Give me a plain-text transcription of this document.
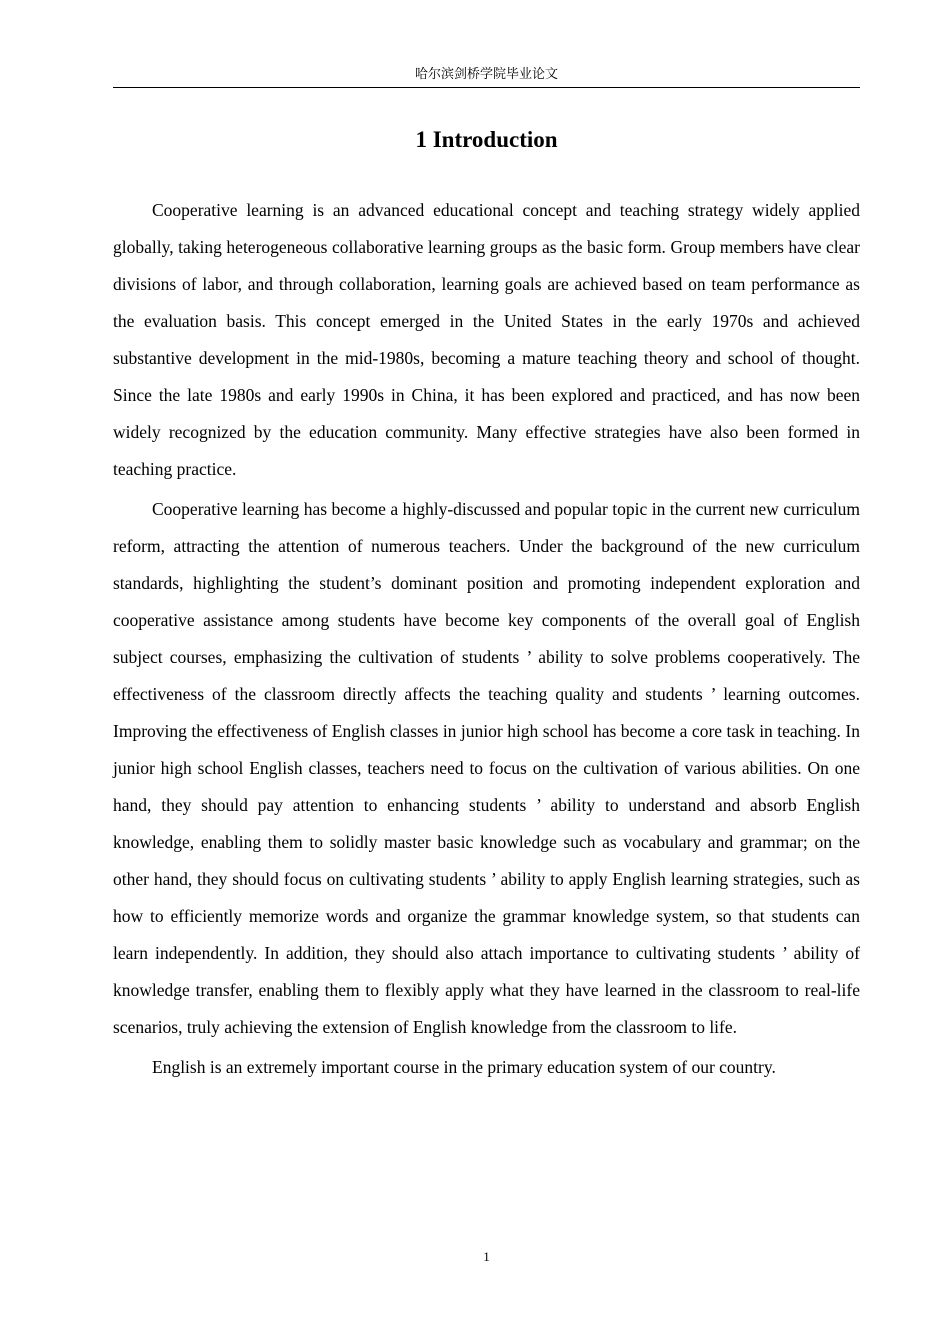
哈尔滨剑桥学院毕业论文
1 Introduction

Cooperative learning is an advanced educational concept and teaching strategy widely applied globally, taking heterogeneous collaborative learning groups as the basic form. Group members have clear divisions of labor, and through collaboration, learning goals are achieved based on team performance as the evaluation basis. This concept emerged in the United States in the early 1970s and achieved substantive development in the mid-1980s, becoming a mature teaching theory and school of thought. Since the late 1980s and early 1990s in China, it has been explored and practiced, and has now been widely recognized by the education community. Many effective strategies have also been formed in teaching practice.

Cooperative learning has become a highly-discussed and popular topic in the current new curriculum reform, attracting the attention of numerous teachers. Under the background of the new curriculum standards, highlighting the student’s dominant position and promoting independent exploration and cooperative assistance among students have become key components of the overall goal of English subject courses, emphasizing the cultivation of students ’ ability to solve problems cooperatively. The effectiveness of the classroom directly affects the teaching quality and students ’ learning outcomes. Improving the effectiveness of English classes in junior high school has become a core task in teaching. In junior high school English classes, teachers need to focus on the cultivation of various abilities. On one hand, they should pay attention to enhancing students ’ ability to understand and absorb English knowledge, enabling them to solidly master basic knowledge such as vocabulary and grammar; on the other hand, they should focus on cultivating students ’ ability to apply English learning strategies, such as how to efficiently memorize words and organize the grammar knowledge system, so that students can learn independently. In addition, they should also attach importance to cultivating students ’ ability of knowledge transfer, enabling them to flexibly apply what they have learned in the classroom to real-life scenarios, truly achieving the extension of English knowledge from the classroom to life.

English is an extremely important course in the primary education system of our country.

1
